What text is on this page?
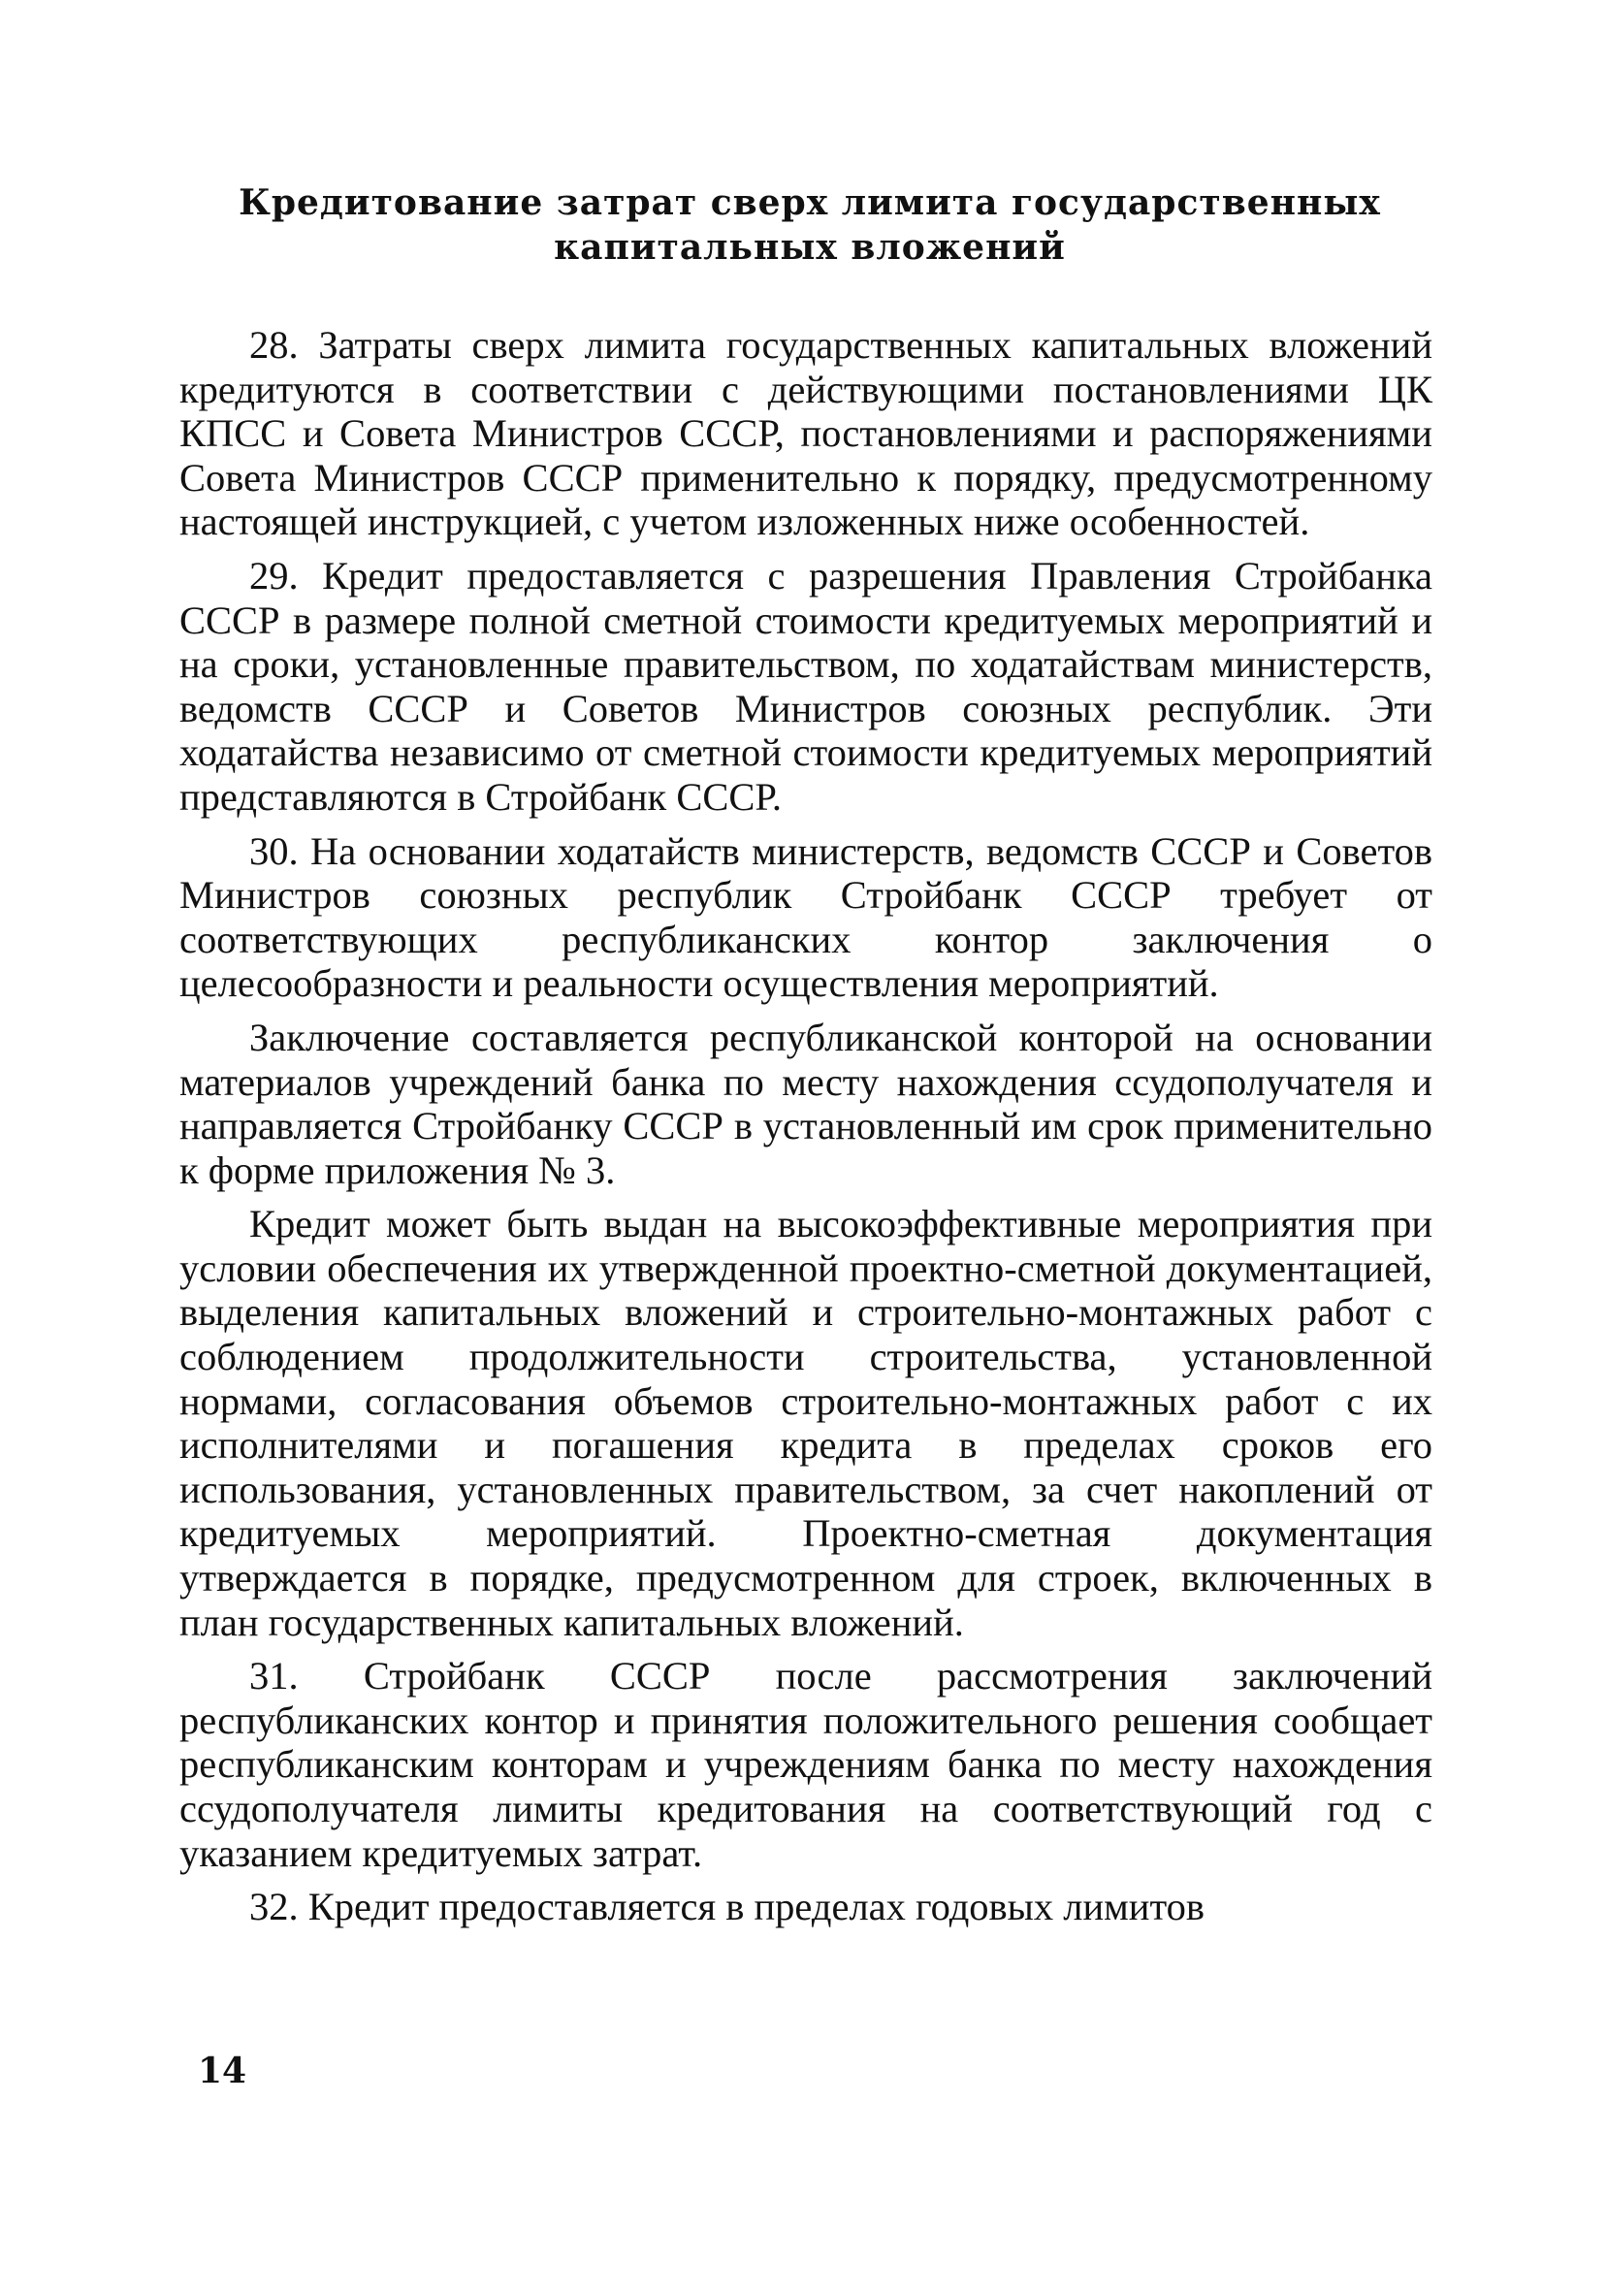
Кредитование затрат сверх лимита государственных
капитальных вложений

28. Затраты сверх лимита государственных капитальных вложений кредитуются в соответствии с действующими постановлениями ЦК КПСС и Совета Министров СССР, постановлениями и распоряжениями Совета Министров СССР применительно к порядку, предусмотренному настоящей инструкцией, с учетом изложенных ниже особенностей.

29. Кредит предоставляется с разрешения Правления Стройбанка СССР в размере полной сметной стоимости кредитуемых мероприятий и на сроки, установленные правительством, по ходатайствам министерств, ведомств СССР и Советов Министров союзных республик. Эти ходатайства независимо от сметной стоимости кредитуемых мероприятий представляются в Стройбанк СССР.

30. На основании ходатайств министерств, ведомств СССР и Советов Министров союзных республик Стройбанк СССР требует от соответствующих республиканских контор заключения о целесообразности и реальности осуществления мероприятий.

Заключение составляется республиканской конторой на основании материалов учреждений банка по месту нахождения ссудополучателя и направляется Стройбанку СССР в установленный им срок применительно к форме приложения № 3.

Кредит может быть выдан на высокоэффективные мероприятия при условии обеспечения их утвержденной проектно-сметной документацией, выделения капитальных вложений и строительно-монтажных работ с соблюдением продолжительности строительства, установленной нормами, согласования объемов строительно-монтажных работ с их исполнителями и погашения кредита в пределах сроков его использования, установленных правительством, за счет накоплений от кредитуемых мероприятий. Проектно-сметная документация утверждается в порядке, предусмотренном для строек, включенных в план государственных капитальных вложений.

31. Стройбанк СССР после рассмотрения заключений республиканских контор и принятия положительного решения сообщает республиканским конторам и учреждениям банка по месту нахождения ссудополучателя лимиты кредитования на соответствующий год с указанием кредитуемых затрат.

32. Кредит предоставляется в пределах годовых лимитов

14
